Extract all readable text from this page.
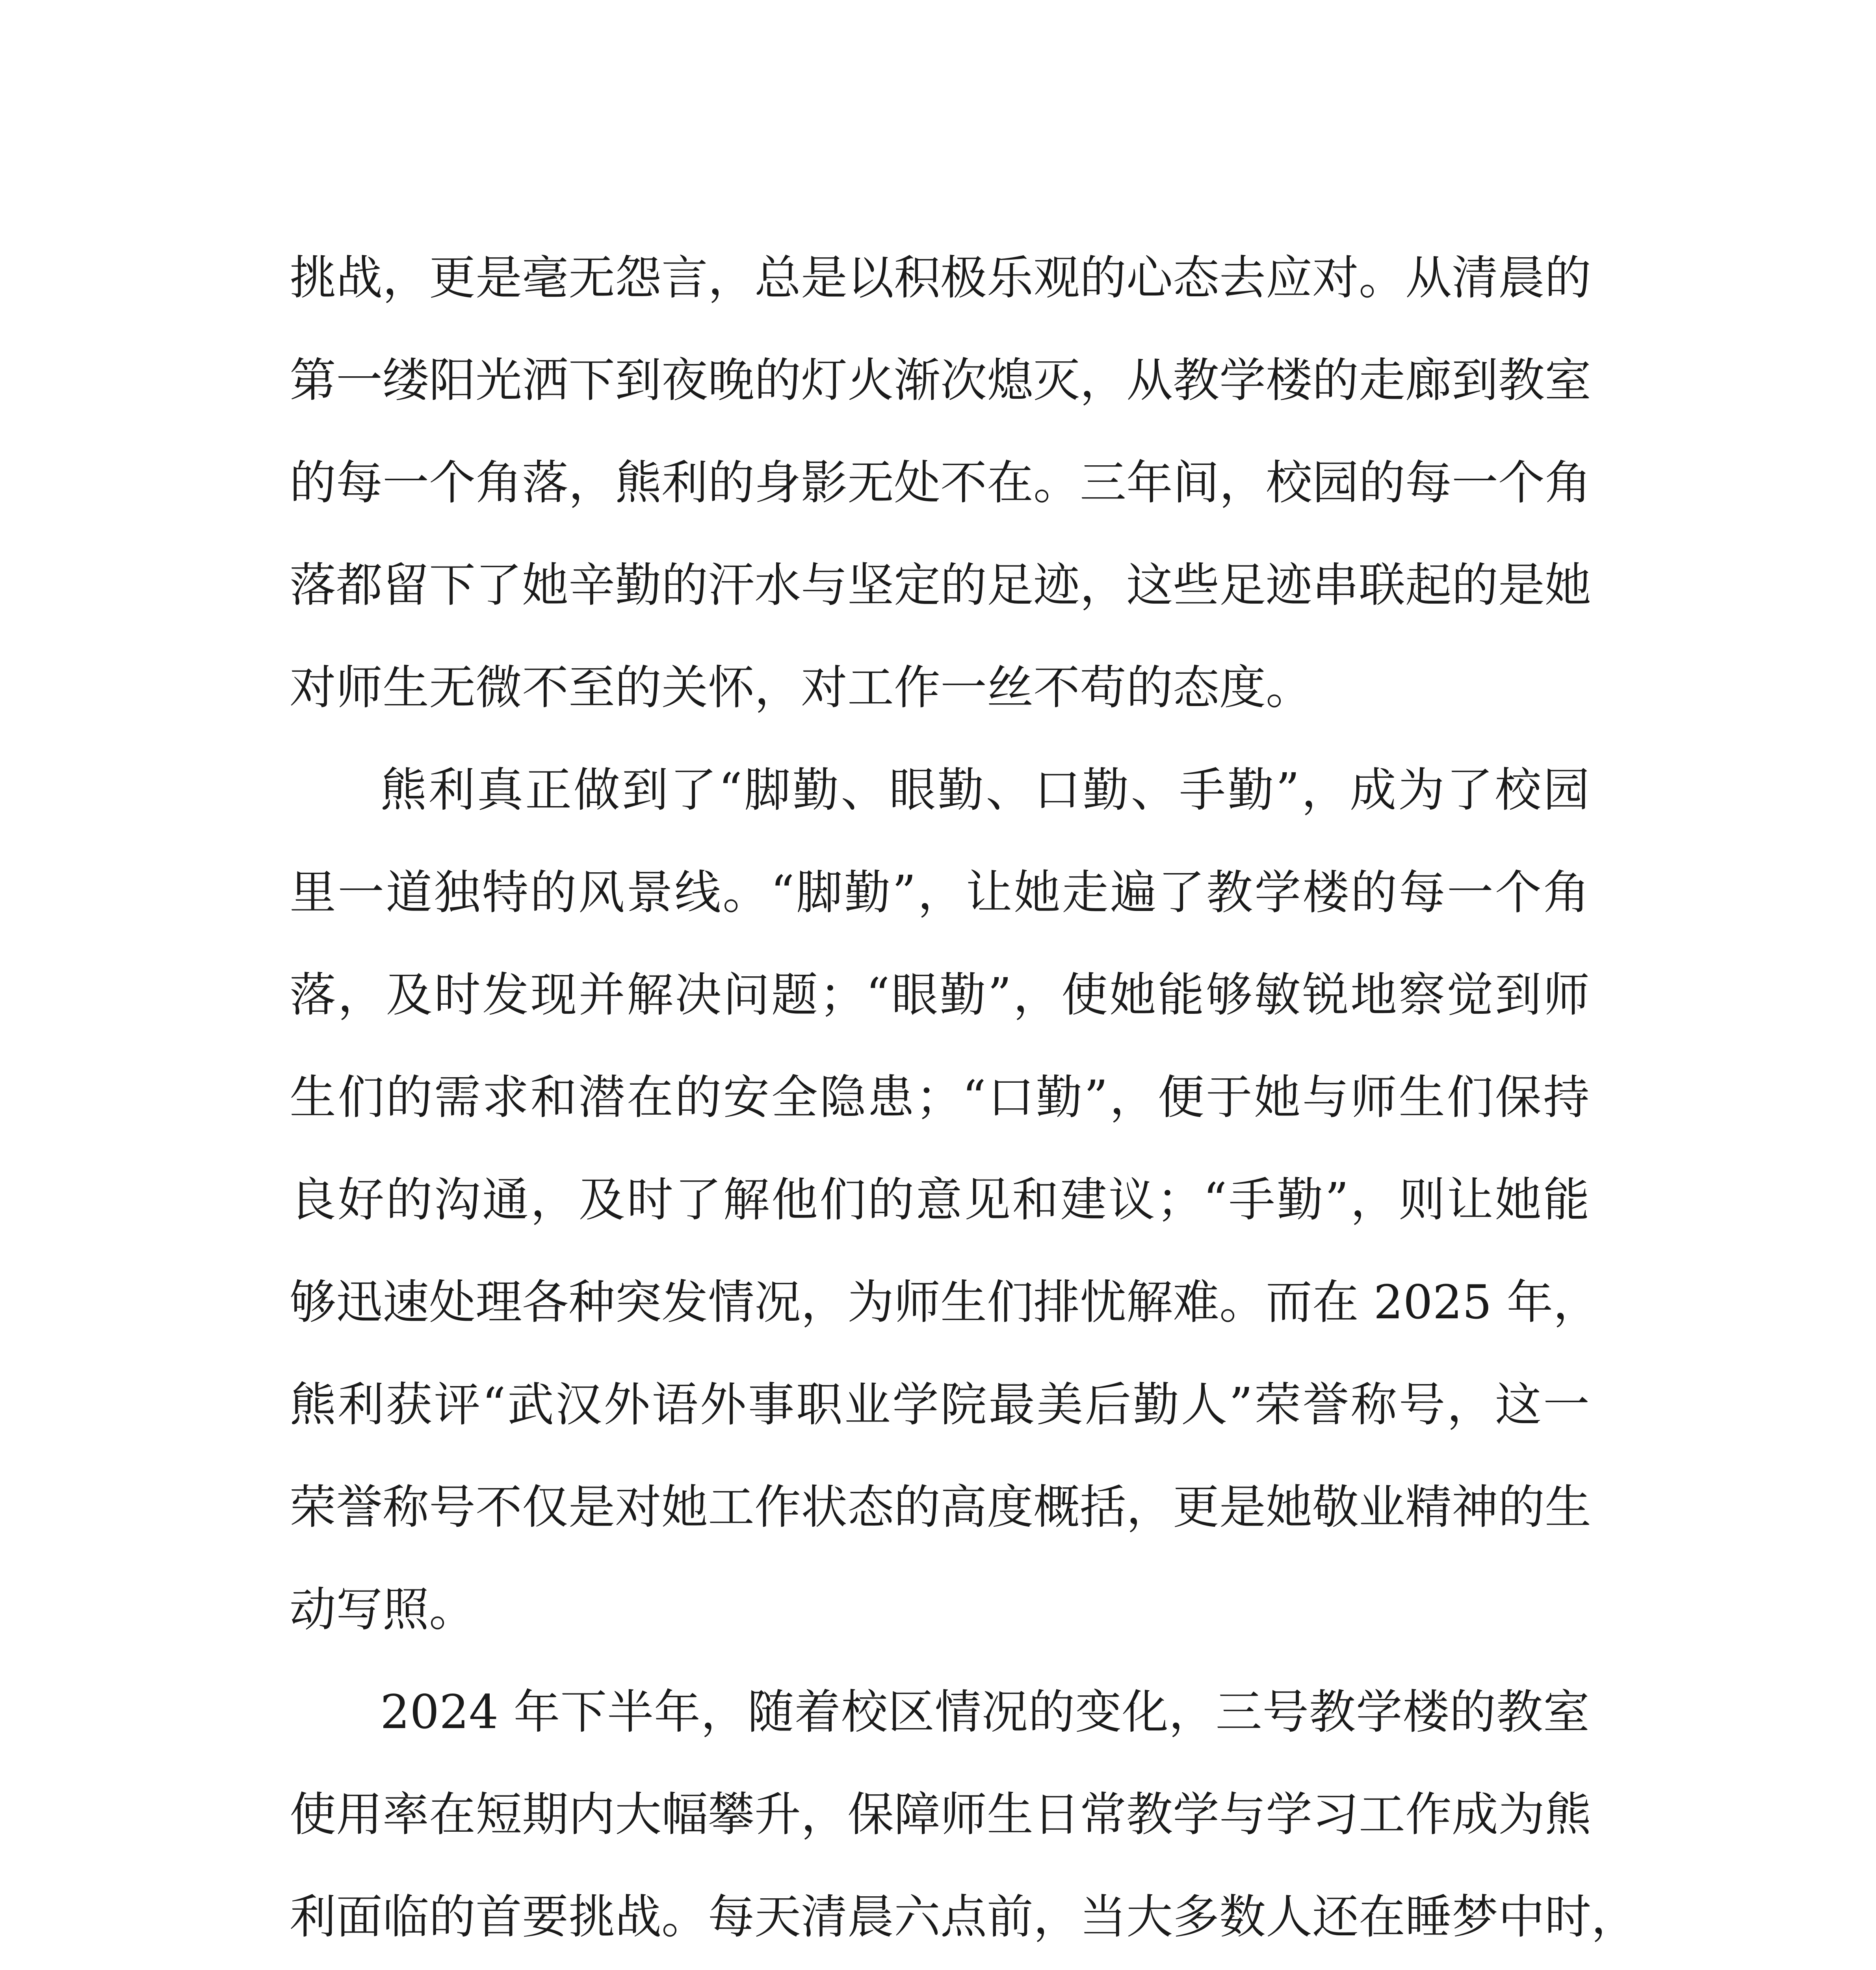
挑战，更是毫无怨言，总是以积极乐观的心态去应对。从清晨的
第一缕阳光洒下到夜晚的灯火渐次熄灭，从教学楼的走廊到教室
的每一个角落，熊利的身影无处不在。三年间，校园的每一个角
落都留下了她辛勤的汗水与坚定的足迹，这些足迹串联起的是她
对师生无微不至的关怀，对工作一丝不苟的态度。
熊利真正做到了“脚勤、眼勤、口勤、手勤”，成为了校园
里一道独特的风景线。“脚勤”，让她走遍了教学楼的每一个角
落，及时发现并解决问题；“眼勤”，使她能够敏锐地察觉到师
生们的需求和潜在的安全隐患；“口勤”，便于她与师生们保持
良好的沟通，及时了解他们的意见和建议；“手勤”，则让她能
够迅速处理各种突发情况，为师生们排忧解难。而在 2025 年，
熊利获评“武汉外语外事职业学院最美后勤人”荣誉称号，这一
荣誉称号不仅是对她工作状态的高度概括，更是她敬业精神的生
动写照。
2024 年下半年，随着校区情况的变化，三号教学楼的教室
使用率在短期内大幅攀升，保障师生日常教学与学习工作成为熊
利面临的首要挑战。每天清晨六点前，当大多数人还在睡梦中时，
